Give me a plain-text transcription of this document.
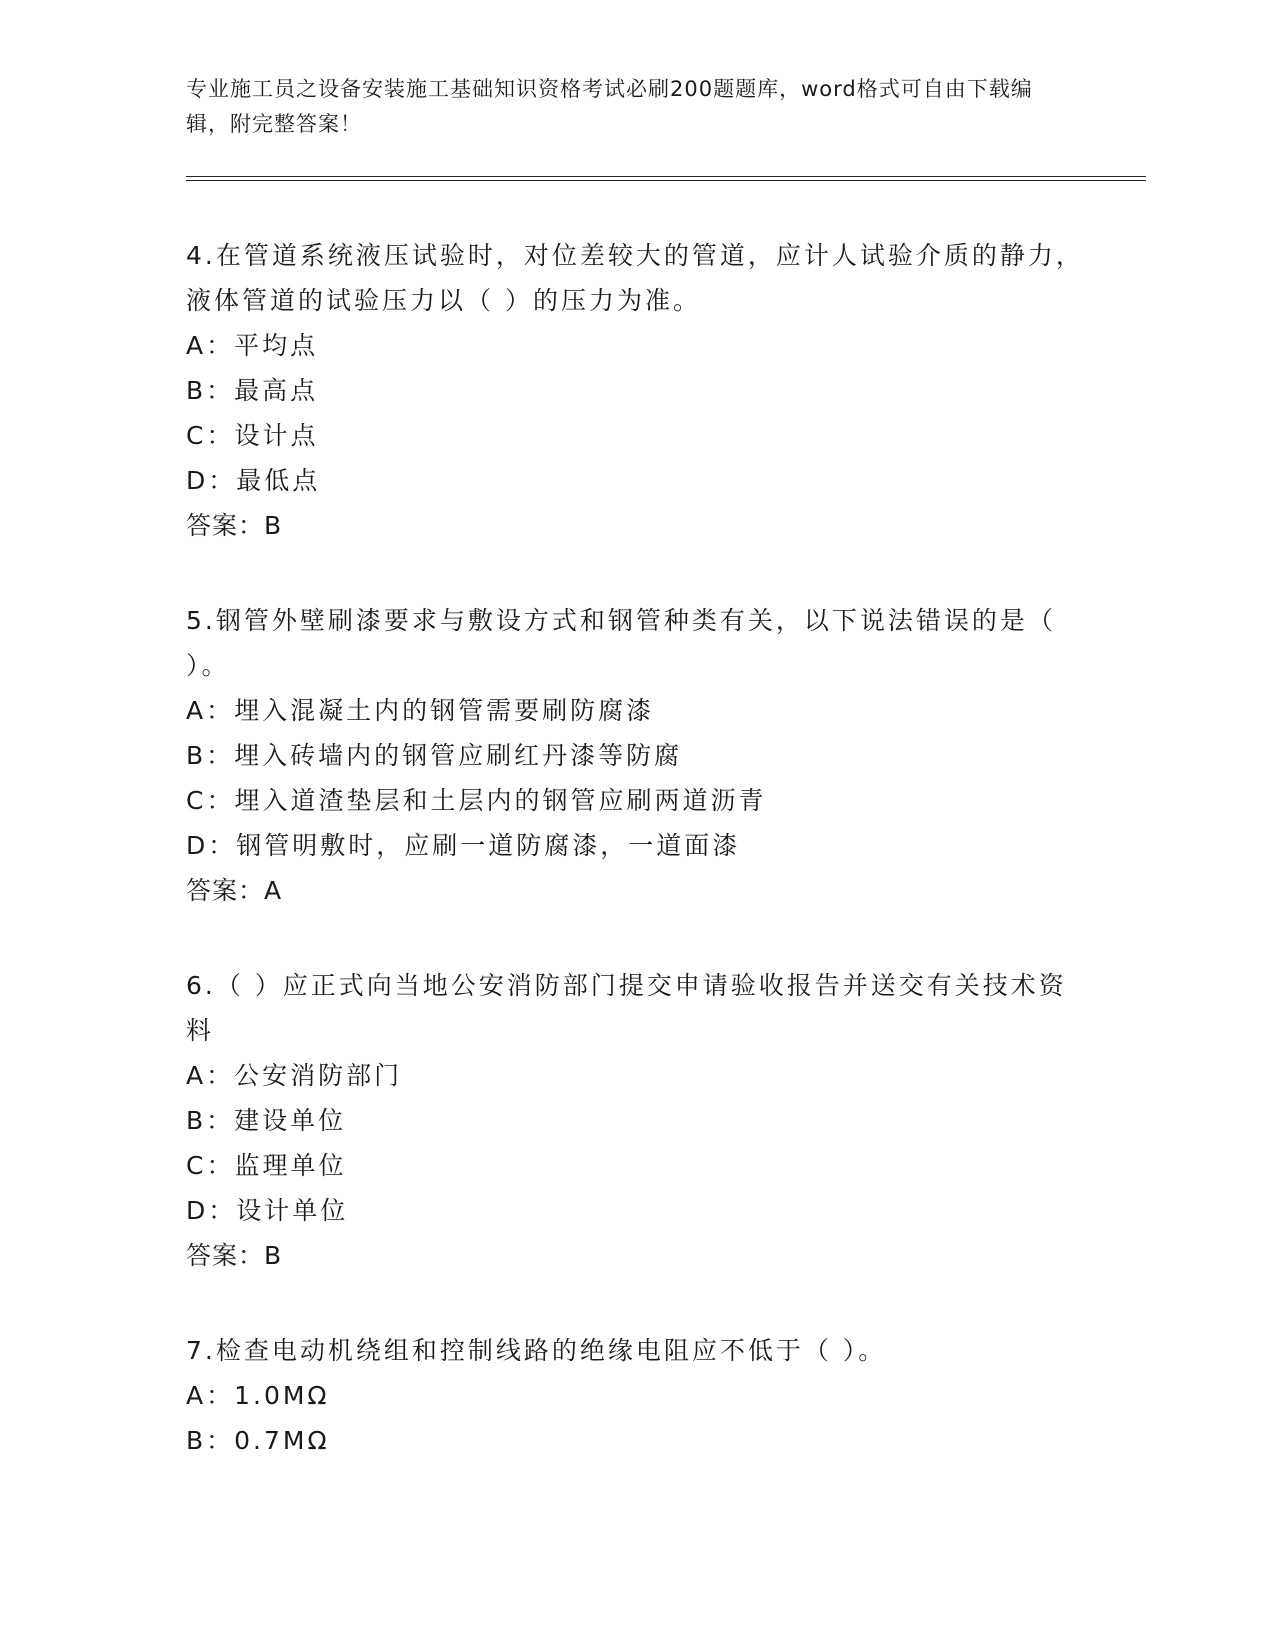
专业施工员之设备安装施工基础知识资格考试必刷200题题库，word格式可自由下载编辑，附完整答案！

4.在管道系统液压试验时，对位差较大的管道，应计人试验介质的静力，液体管道的试验压力以（ ）的压力为准。

A：平均点

B：最高点

C：设计点

D：最低点

答案：B

5.钢管外壁刷漆要求与敷设方式和钢管种类有关，以下说法错误的是（ ）。

A：埋入混凝土内的钢管需要刷防腐漆

B：埋入砖墙内的钢管应刷红丹漆等防腐

C：埋入道渣垫层和土层内的钢管应刷两道沥青

D：钢管明敷时，应刷一道防腐漆，一道面漆

答案：A

6.（ ）应正式向当地公安消防部门提交申请验收报告并送交有关技术资料

A：公安消防部门

B：建设单位

C：监理单位

D：设计单位

答案：B

7.检查电动机绕组和控制线路的绝缘电阻应不低于（ ）。

A：1.0MΩ

B：0.7MΩ
